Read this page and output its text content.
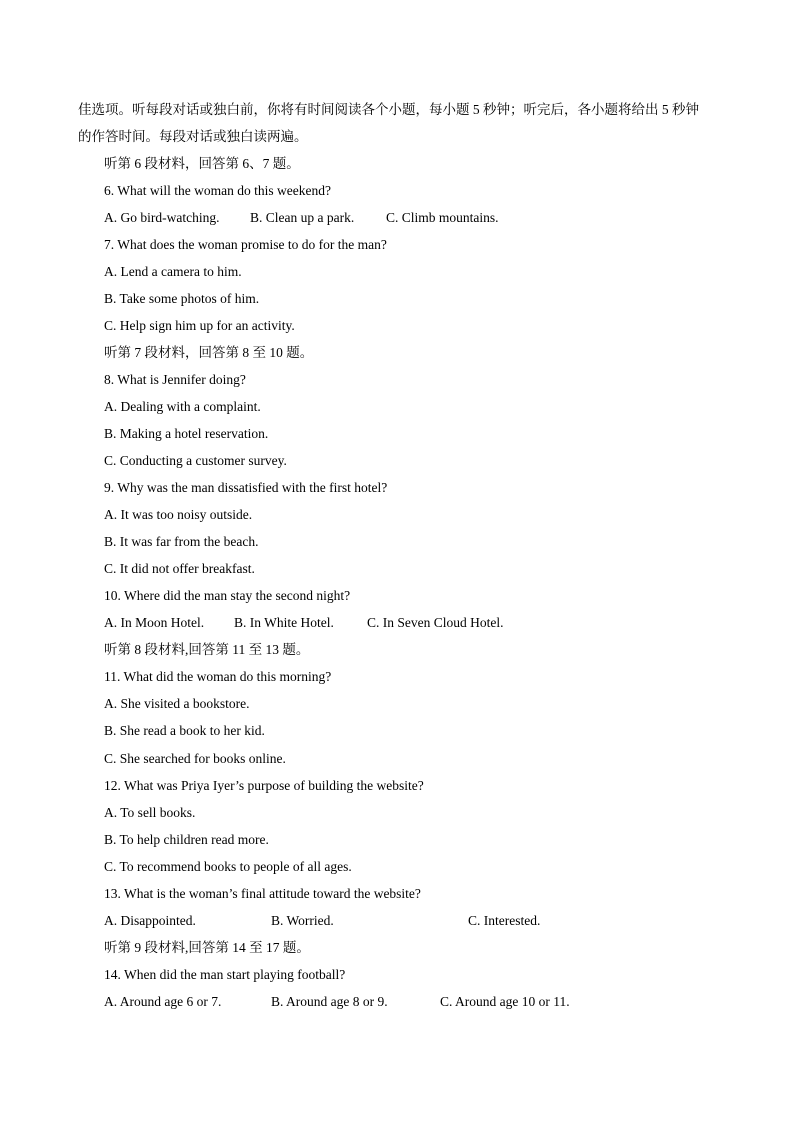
佳选项。听每段对话或独白前，你将有时间阅读各个小题，每小题 5 秒钟；听完后，各小题将给出 5 秒钟
的作答时间。每段对话或独白读两遍。
听第 6 段材料，回答第 6、7 题。
6. What will the woman do this weekend?
A. Go bird-watching. B. Clean up a park. C. Climb mountains.
7. What does the woman promise to do for the man?
A. Lend a camera to him.
B. Take some photos of him.
C. Help sign him up for an activity.
听第 7 段材料，回答第 8 至 10 题。
8. What is Jennifer doing?
A. Dealing with a complaint.
B. Making a hotel reservation.
C. Conducting a customer survey.
9. Why was the man dissatisfied with the first hotel?
A. It was too noisy outside.
B. It was far from the beach.
C. It did not offer breakfast.
10. Where did the man stay the second night?
A. In Moon Hotel. B. In White Hotel. C. In Seven Cloud Hotel.
听第 8 段材料,回答第 11 至 13 题。
11. What did the woman do this morning?
A. She visited a bookstore.
B. She read a book to her kid.
C. She searched for books online.
12. What was Priya Iyer’s purpose of building the website?
A. To sell books.
B. To help children read more.
C. To recommend books to people of all ages.
13. What is the woman’s final attitude toward the website?
A. Disappointed.	B. Worried.	C. Interested.
听第 9 段材料,回答第 14 至 17 题。
14. When did the man start playing football?
A. Around age 6 or 7.	B. Around age 8 or 9.	C. Around age 10 or 11.
